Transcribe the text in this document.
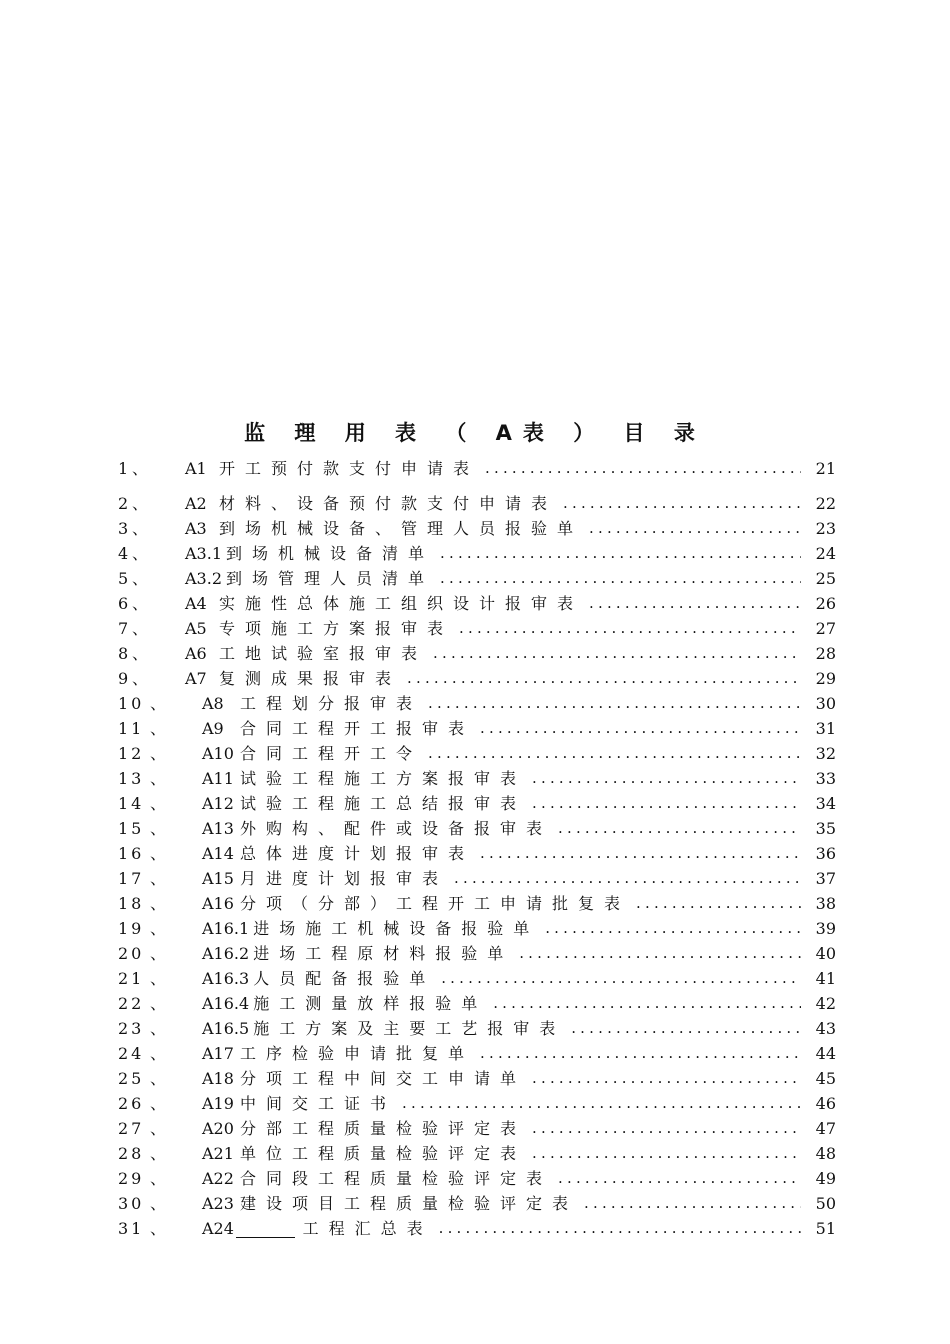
监 理 用 表 （ A表 ） 目 录
1 、 A1 开工预付款支付申请表 .....	21
2 、 A2 材料、设备预付款支付申请表 .....	22
3 、 A3 到场机械设备、管理人员报验单 .....	23
4 、 A3.1 到场机械设备清单 .....	24
5 、 A3.2 到场管理人员清单 .....	25
6 、 A4 实施性总体施工组织设计报审表 .....	26
7 、 A5 专项施工方案报审表 .....	27
8 、 A6 工地试验室报审表 .....	28
9 、 A7 复测成果报审表 .....	29
10 、 A8	工程划分报审表 .....	30
11 、 A9	合同工程开工报审表 .....	31
12 、 A10 合同工程开工令 .....	32
13 、 A11 试验工程施工方案报审表 .....	33
14 、 A12 试验工程施工总结报审表 .....	34
15 、 A13 外购构、配件或设备报审表 .....	35
16 、 A14 总体进度计划报审表 .....	36
17 、 A15 月进度计划报审表 .....	37
18 、 A16 分项（分部）工程开工申请批复表 .....	38
19 、 A16.1 进场施工机械设备报验单 .....	39
20 、 A16.2 进场工程原材料报验单 .....	40
21 、 A16.3 人员配备报验单 .....	41
22 、 A16.4 施工测量放样报验单 .....	42
23 、 A16.5 施工方案及主要工艺报审表 .....	43
24 、 A17 工序检验申请批复单 .....	44
25 、 A18 分项工程中间交工申请单 .....	45
26 、 A19 中间交工证书 .....	46
27 、 A20 分部工程质量检验评定表 .....	47
28 、 A21 单位工程质量检验评定表 .....	48
29 、 A22 合同段工程质量检验评定表 .....	49
30 、 A23 建设项目工程质量检验评定表 .....	50
31 、 A24	工程汇总表 .....	51
